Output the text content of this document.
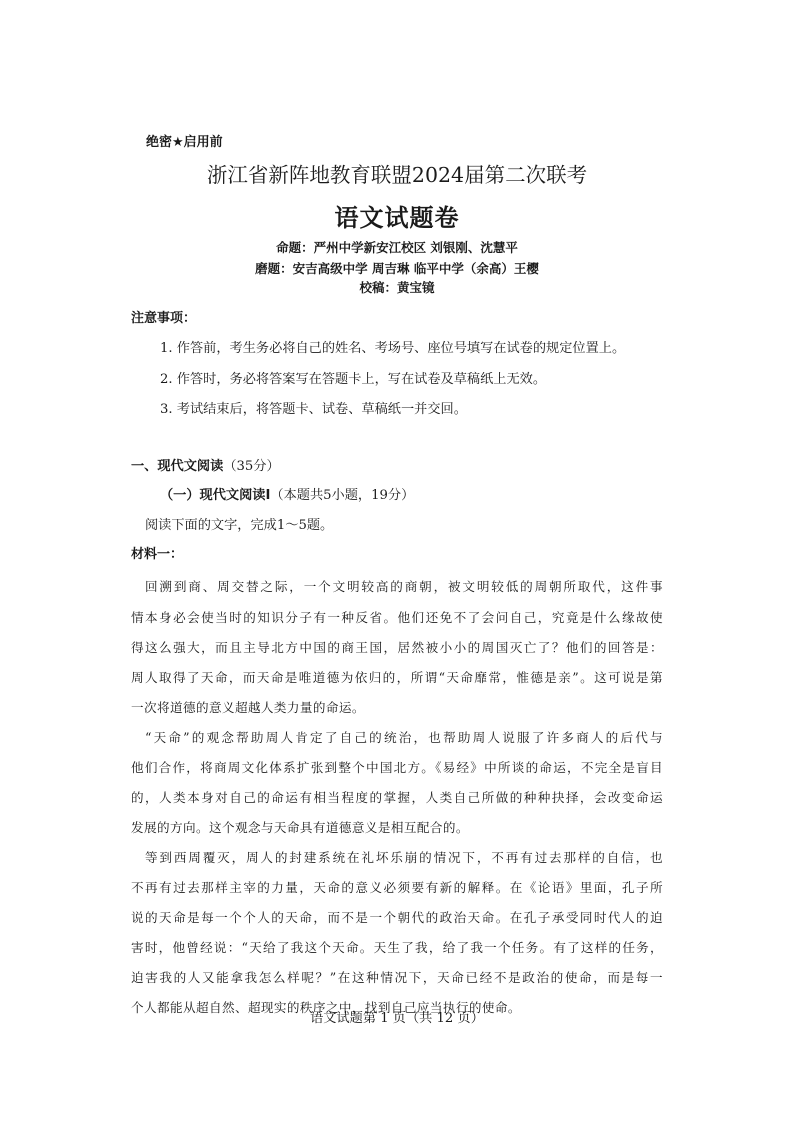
绝密★启用前
浙江省新阵地教育联盟2024届第二次联考
语文试题卷
命题：严州中学新安江校区 刘银刚、沈慧平
磨题：安吉高级中学 周吉琳 临平中学（余高）王樱
校稿：黄宝镜
注意事项：
1. 作答前，考生务必将自己的姓名、考场号、座位号填写在试卷的规定位置上。
2. 作答时，务必将答案写在答题卡上，写在试卷及草稿纸上无效。
3. 考试结束后，将答题卡、试卷、草稿纸一并交回。
一、现代文阅读（35分）
（一）现代文阅读Ⅰ（本题共5小题，19分）
阅读下面的文字，完成1～5题。
材料一：
回溯到商、周交替之际，一个文明较高的商朝，被文明较低的周朝所取代，这件事
情本身必会使当时的知识分子有一种反省。他们还免不了会问自己，究竟是什么缘故使
得这么强大，而且主导北方中国的商王国，居然被小小的周国灭亡了？他们的回答是：
周人取得了天命，而天命是唯道德为依归的，所谓“天命靡常，惟德是亲”。这可说是第
一次将道德的意义超越人类力量的命运。
“天命”的观念帮助周人肯定了自己的统治，也帮助周人说服了许多商人的后代与
他们合作，将商周文化体系扩张到整个中国北方。《易经》中所谈的命运，不完全是盲目
的，人类本身对自己的命运有相当程度的掌握，人类自己所做的种种抉择，会改变命运
发展的方向。这个观念与天命具有道德意义是相互配合的。
等到西周覆灭，周人的封建系统在礼坏乐崩的情况下，不再有过去那样的自信，也
不再有过去那样主宰的力量，天命的意义必须要有新的解释。在《论语》里面，孔子所
说的天命是每一个个人的天命，而不是一个朝代的政治天命。在孔子承受同时代人的迫
害时，他曾经说：“天给了我这个天命。天生了我，给了我一个任务。有了这样的任务，
迫害我的人又能拿我怎么样呢？”在这种情况下，天命已经不是政治的使命，而是每一
个人都能从超自然、超现实的秩序之中，找到自己应当执行的使命。
语文试题第 1 页（共 12 页）
